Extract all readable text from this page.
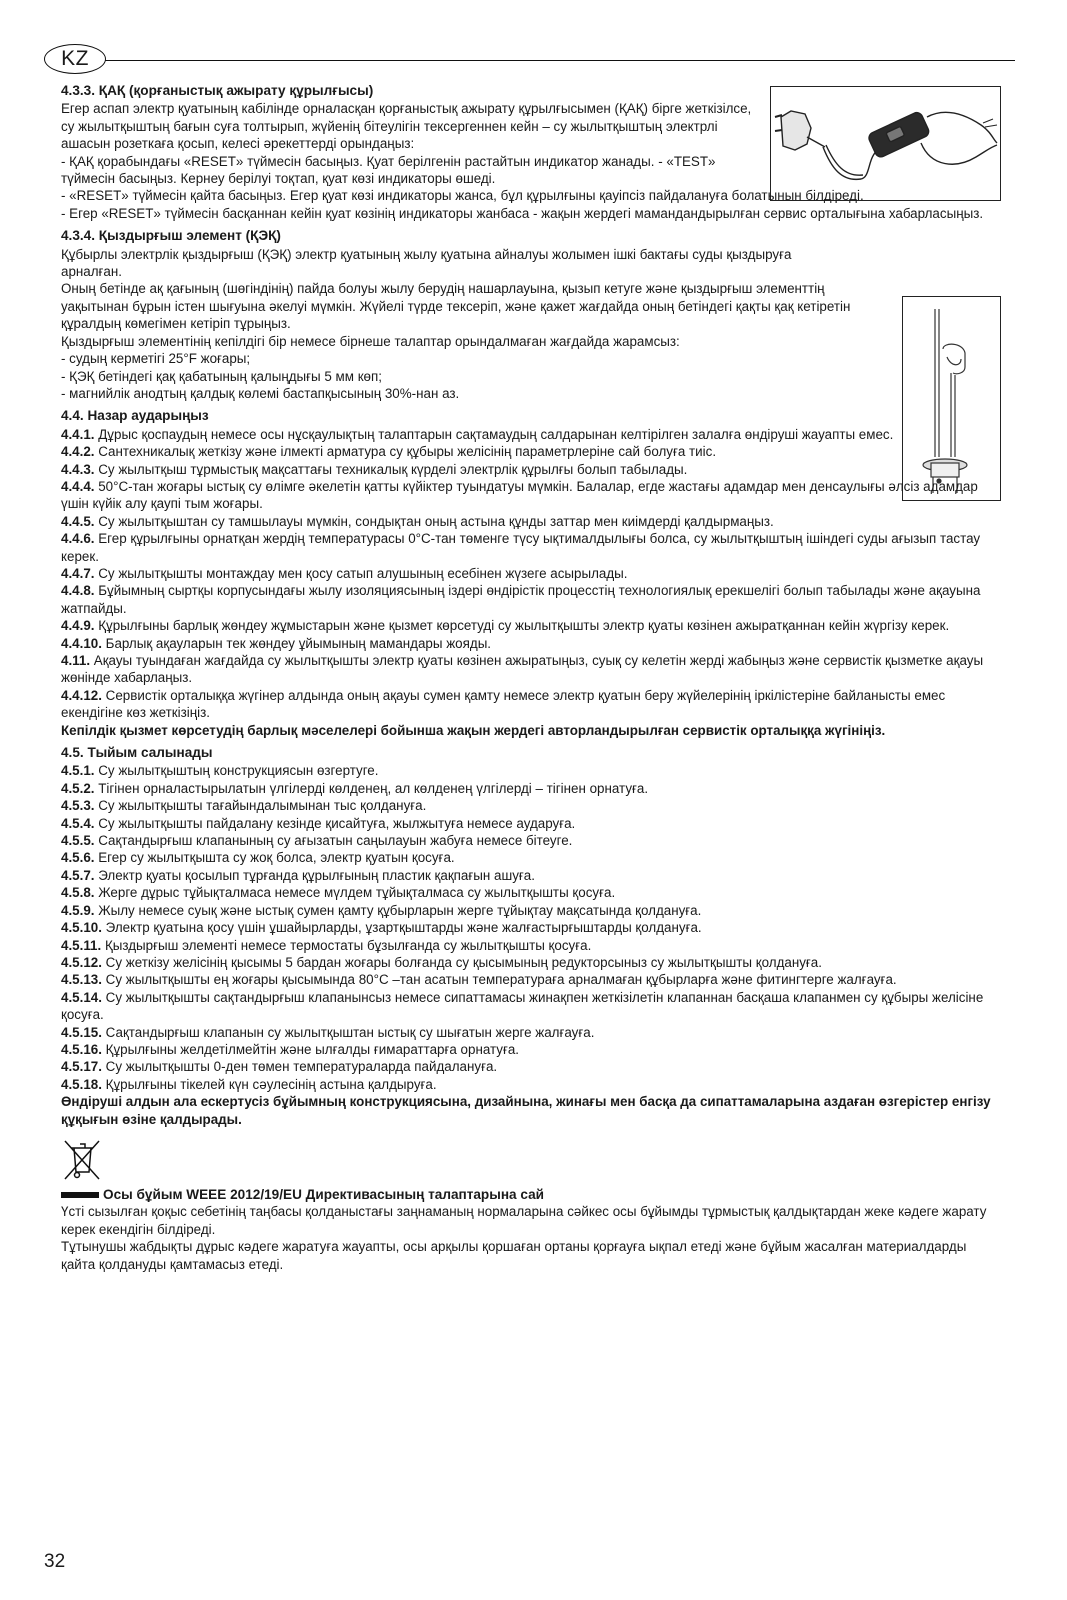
KZ
4.3.3. ҚАҚ (қорғаныстық ажырату құрылғысы)

Егер аспап электр қуатының кабілінде орналасқан қорғаныстық ажырату құрылғысымен (ҚАҚ) бірге жеткізілсе, су жылытқыштың бағын суға толтырып, жүйенің бітеулігін тексергеннен кейн – су жылытқыштың электрлі ашасын розеткаға қосып, келесі әрекеттерді орындаңыз:

- ҚАҚ қорабындағы «RESET» түймесін басыңыз. Қуат берілгенін растайтын индикатор жанады. - «TEST» түймесін басыңыз. Кернеу берілуі тоқтап, қуат көзі индикаторы өшеді.

- «RESET» түймесін қайта басыңыз. Егер қуат көзі индикаторы жанса, бұл құрылғыны қауіпсіз пайдалануға болатынын білдіреді.

- Егер «RESET» түймесін басқаннан кейін қуат көзінің индикаторы жанбаса - жақын жердегі мамандандырылған сервис орталығына хабарласыңыз.

4.3.4. Қыздырғыш элемент (ҚЭҚ)

Құбырлы электрлік қыздырғыш (ҚЭҚ) электр қуатының жылу қуатына айналуы жолымен ішкі бактағы суды қыздыруға арналған.

Оның бетінде ақ қағының (шөгіндінің) пайда болуы жылу берудің нашарлауына, қызып кетуге және қыздырғыш элементтің уақытынан бұрын істен шығуына әкелуі мүмкін. Жүйелі түрде тексеріп, және қажет жағдайда оның бетіндегі қақты қақ кетіретін құралдың көмегімен кетіріп тұрыңыз.

Қыздырғыш элементінің кепілдігі бір немесе бірнеше талаптар орындалмаған жағдайда жарамсыз:

- судың керметігі 25°F жоғары;

- ҚЭҚ бетіндегі қақ қабатының қалыңдығы 5 мм көп;

- магнийлік анодтың қалдық көлемі бастапқысының 30%-нан аз.

4.4. Назар аударыңыз

4.4.1. Дұрыс қоспаудың немесе осы нұсқаулықтың талаптарын сақтамаудың салдарынан келтірілген залалға өндіруші жауапты емес.

4.4.2. Сантехникалық жеткізу және ілмекті арматура су құбыры желісінің параметрлеріне сай болуға тиіс.

4.4.3. Су жылытқыш тұрмыстық мақсаттағы техникалық күрделі электрлік құрылғы болып табылады.

4.4.4. 50°С-тан жоғары ыстық су өлімге әкелетін қатты күйіктер туындатуы мүмкін. Балалар, егде жастағы адамдар мен денсаулығы әлсіз адамдар үшін күйік алу қаупі тым жоғары.

4.4.5. Су жылытқыштан су тамшылауы мүмкін, сондықтан оның астына құнды заттар мен киімдерді қалдырмаңыз.

4.4.6. Егер құрылғыны орнатқан жердің температурасы 0°С-тан төменге түсу ықтималдылығы болса, су жылытқыштың ішіндегі суды ағызып тастау керек.

4.4.7. Су жылытқышты монтаждау мен қосу сатып алушының есебінен жүзеге асырылады.

4.4.8. Бұйымның сыртқы корпусындағы жылу изоляциясының іздері өндірістік процесстің технологиялық ерекшелігі болып табылады және ақауына жатпайды.

4.4.9. Құрылғыны барлық жөндеу жұмыстарын және қызмет көрсетуді су жылытқышты электр қуаты көзінен ажыратқаннан кейін жүргізу керек.

4.4.10. Барлық ақауларын тек жөндеу ұйымының мамандары жояды.

4.11. Ақауы туындаған жағдайда су жылытқышты электр қуаты көзінен ажыратыңыз, суық су келетін жерді жабыңыз және сервистік қызметке ақауы жөнінде хабарлаңыз.

4.4.12. Сервистік орталыққа жүгінер алдында оның ақауы сумен қамту немесе электр қуатын беру жүйелерінің іркілістеріне байланысты емес екендігіне көз жеткізіңіз.

Кепілдік қызмет көрсетудің барлық мәселелері бойынша жақын жердегі авторландырылған сервистік орталыққа жүгініңіз.

4.5. Тыйым салынады

4.5.1. Су жылытқыштың конструкциясын өзгертуге.

4.5.2. Тігінен орналастырылатын үлгілерді көлденең, ал көлденең үлгілерді – тігінен орнатуға.

4.5.3. Су жылытқышты тағайындалымынан тыс қолдануға.

4.5.4. Су жылытқышты пайдалану кезінде қисайтуға, жылжытуға немесе аударуға.

4.5.5. Сақтандырғыш клапанының су ағызатын саңылауын жабуға немесе бітеуге.

4.5.6. Егер су жылытқышта су жоқ болса, электр қуатын қосуға.

4.5.7. Электр қуаты қосылып тұрғанда құрылғының пластик қақпағын ашуға.

4.5.8. Жерге дұрыс тұйықталмаса немесе мүлдем тұйықталмаса су жылытқышты қосуға.

4.5.9. Жылу немесе суық және ыстық сумен қамту құбырларын жерге тұйықтау мақсатында қолдануға.

4.5.10. Электр қуатына қосу үшін ұшайырларды, ұзартқыштарды және жалғастырғыштарды қолдануға.

4.5.11. Қыздырғыш элементі немесе термостаты бұзылғанда су жылытқышты қосуға.

4.5.12. Су жеткізу желісінің қысымы 5 бардан жоғары болғанда су қысымының редукторсыныз су жылытқышты қолдануға.

4.5.13. Су жылытқышты ең жоғары қысымында 80°С –тан асатын температураға арналмаған құбырларға және фитингтерге жалғауға.

4.5.14. Су жылытқышты сақтандырғыш клапанынсыз немесе сипаттамасы жинақпен жеткізілетін клапаннан басқаша клапанмен су құбыры желісіне қосуға.

4.5.15. Сақтандырғыш клапанын су жылытқыштан ыстық су шығатын жерге жалғауға.

4.5.16. Құрылғыны желдетілмейтін және ылғалды ғимараттарға орнатуға.

4.5.17. Су жылытқышты 0-ден төмен температураларда пайдалануға.

4.5.18. Құрылғыны тікелей күн сәулесінің астына қалдыруға.

Өндіруші алдын ала ескертусіз бұйымның конструкциясына, дизайнына, жинағы мен басқа да сипаттамаларына аздаған өзгерістер енгізу құқығын өзіне қалдырады.

Осы бұйым WEEE 2012/19/EU Директивасының талаптарына сай

Үсті сызылған қоқыс себетінің таңбасы қолданыстағы заңнаманың нормаларына сәйкес осы бұйымды тұрмыстық қалдықтардан жеке кәдеге жарату керек екендігін білдіреді.

Тұтынушы жабдықты дұрыс кәдеге жаратуға жауапты, осы арқылы қоршаған ортаны қорғауға ықпал етеді және бұйым жасалған материалдарды қайта қолдануды қамтамасыз етеді.

32
